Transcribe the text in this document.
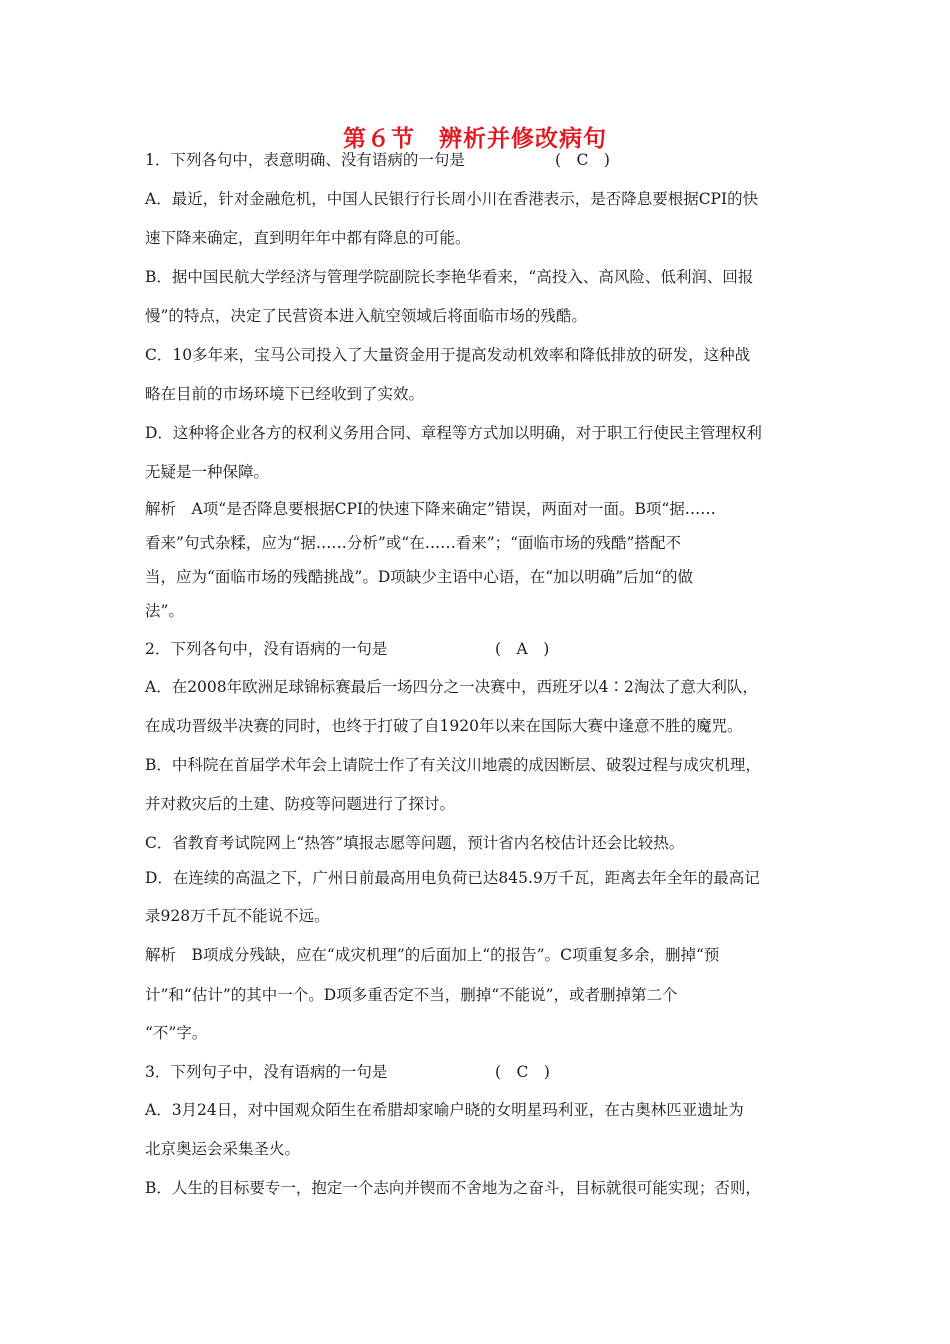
第６节　辨析并修改病句
1．下列各句中，表意明确、没有语病的一句是	(　C　)
A．最近，针对金融危机，中国人民银行行长周小川在香港表示，是否降息要根据CPI的快
速下降来确定，直到明年年中都有降息的可能。
B．据中国民航大学经济与管理学院副院长李艳华看来，“高投入、高风险、低利润、回报
慢”的特点，决定了民营资本进入航空领域后将面临市场的残酷。
C．10多年来，宝马公司投入了大量资金用于提高发动机效率和降低排放的研发，这种战
略在目前的市场环境下已经收到了实效。
D．这种将企业各方的权利义务用合同、章程等方式加以明确，对于职工行使民主管理权利
无疑是一种保障。
解析　A项“是否降息要根据CPI的快速下降来确定”错误，两面对一面。B项“据……
看来”句式杂糅，应为“据……分析”或“在……看来”；“面临市场的残酷”搭配不
当，应为“面临市场的残酷挑战”。D项缺少主语中心语，在“加以明确”后加“的做
法”。
2．下列各句中，没有语病的一句是	(　A　)
A．在2008年欧洲足球锦标赛最后一场四分之一决赛中，西班牙以4∶2淘汰了意大利队，
在成功晋级半决赛的同时，也终于打破了自1920年以来在国际大赛中逢意不胜的魔咒。
B．中科院在首届学术年会上请院士作了有关汶川地震的成因断层、破裂过程与成灾机理，
并对救灾后的土建、防疫等问题进行了探讨。
C．省教育考试院网上“热答”填报志愿等问题，预计省内名校估计还会比较热。
D．在连续的高温之下，广州日前最高用电负荷已达845.9万千瓦，距离去年全年的最高记
录928万千瓦不能说不远。
解析　B项成分残缺，应在“成灾机理”的后面加上“的报告”。C项重复多余，删掉“预
计”和“估计”的其中一个。D项多重否定不当，删掉“不能说”，或者删掉第二个
“不”字。
3．下列句子中，没有语病的一句是	(　C　)
A．3月24日，对中国观众陌生在希腊却家喻户晓的女明星玛利亚，在古奥林匹亚遗址为
北京奥运会采集圣火。
B．人生的目标要专一，抱定一个志向并锲而不舍地为之奋斗，目标就很可能实现；否则，
